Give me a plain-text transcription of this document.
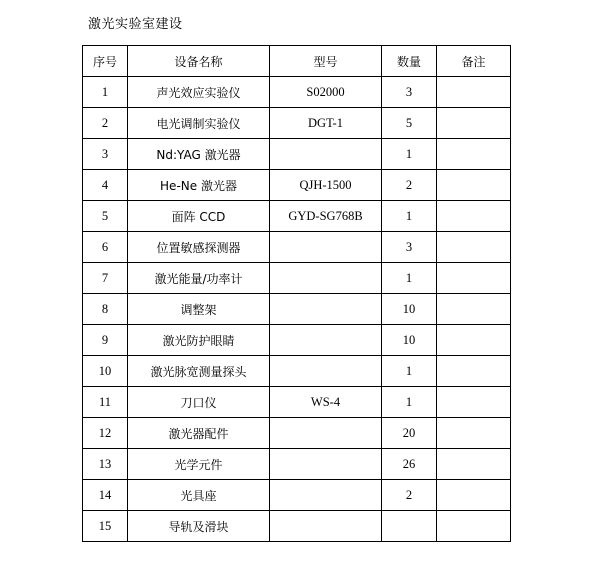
激光实验室建设
序号	设备名称	型号	数量	备注
1	声光效应实验仪	S02000	3	
2	电光调制实验仪	DGT-1	5	
3	Nd:YAG 激光器		1	
4	He-Ne 激光器	QJH-1500	2	
5	面阵 CCD	GYD-SG768B	1	
6	位置敏感探测器		3	
7	激光能量/功率计		1	
8	调整架		10	
9	激光防护眼睛		10	
10	激光脉宽测量探头		1	
11	刀口仪	WS-4	1	
12	激光器配件		20	
13	光学元件		26	
14	光具座		2	
15	导轨及滑块			
